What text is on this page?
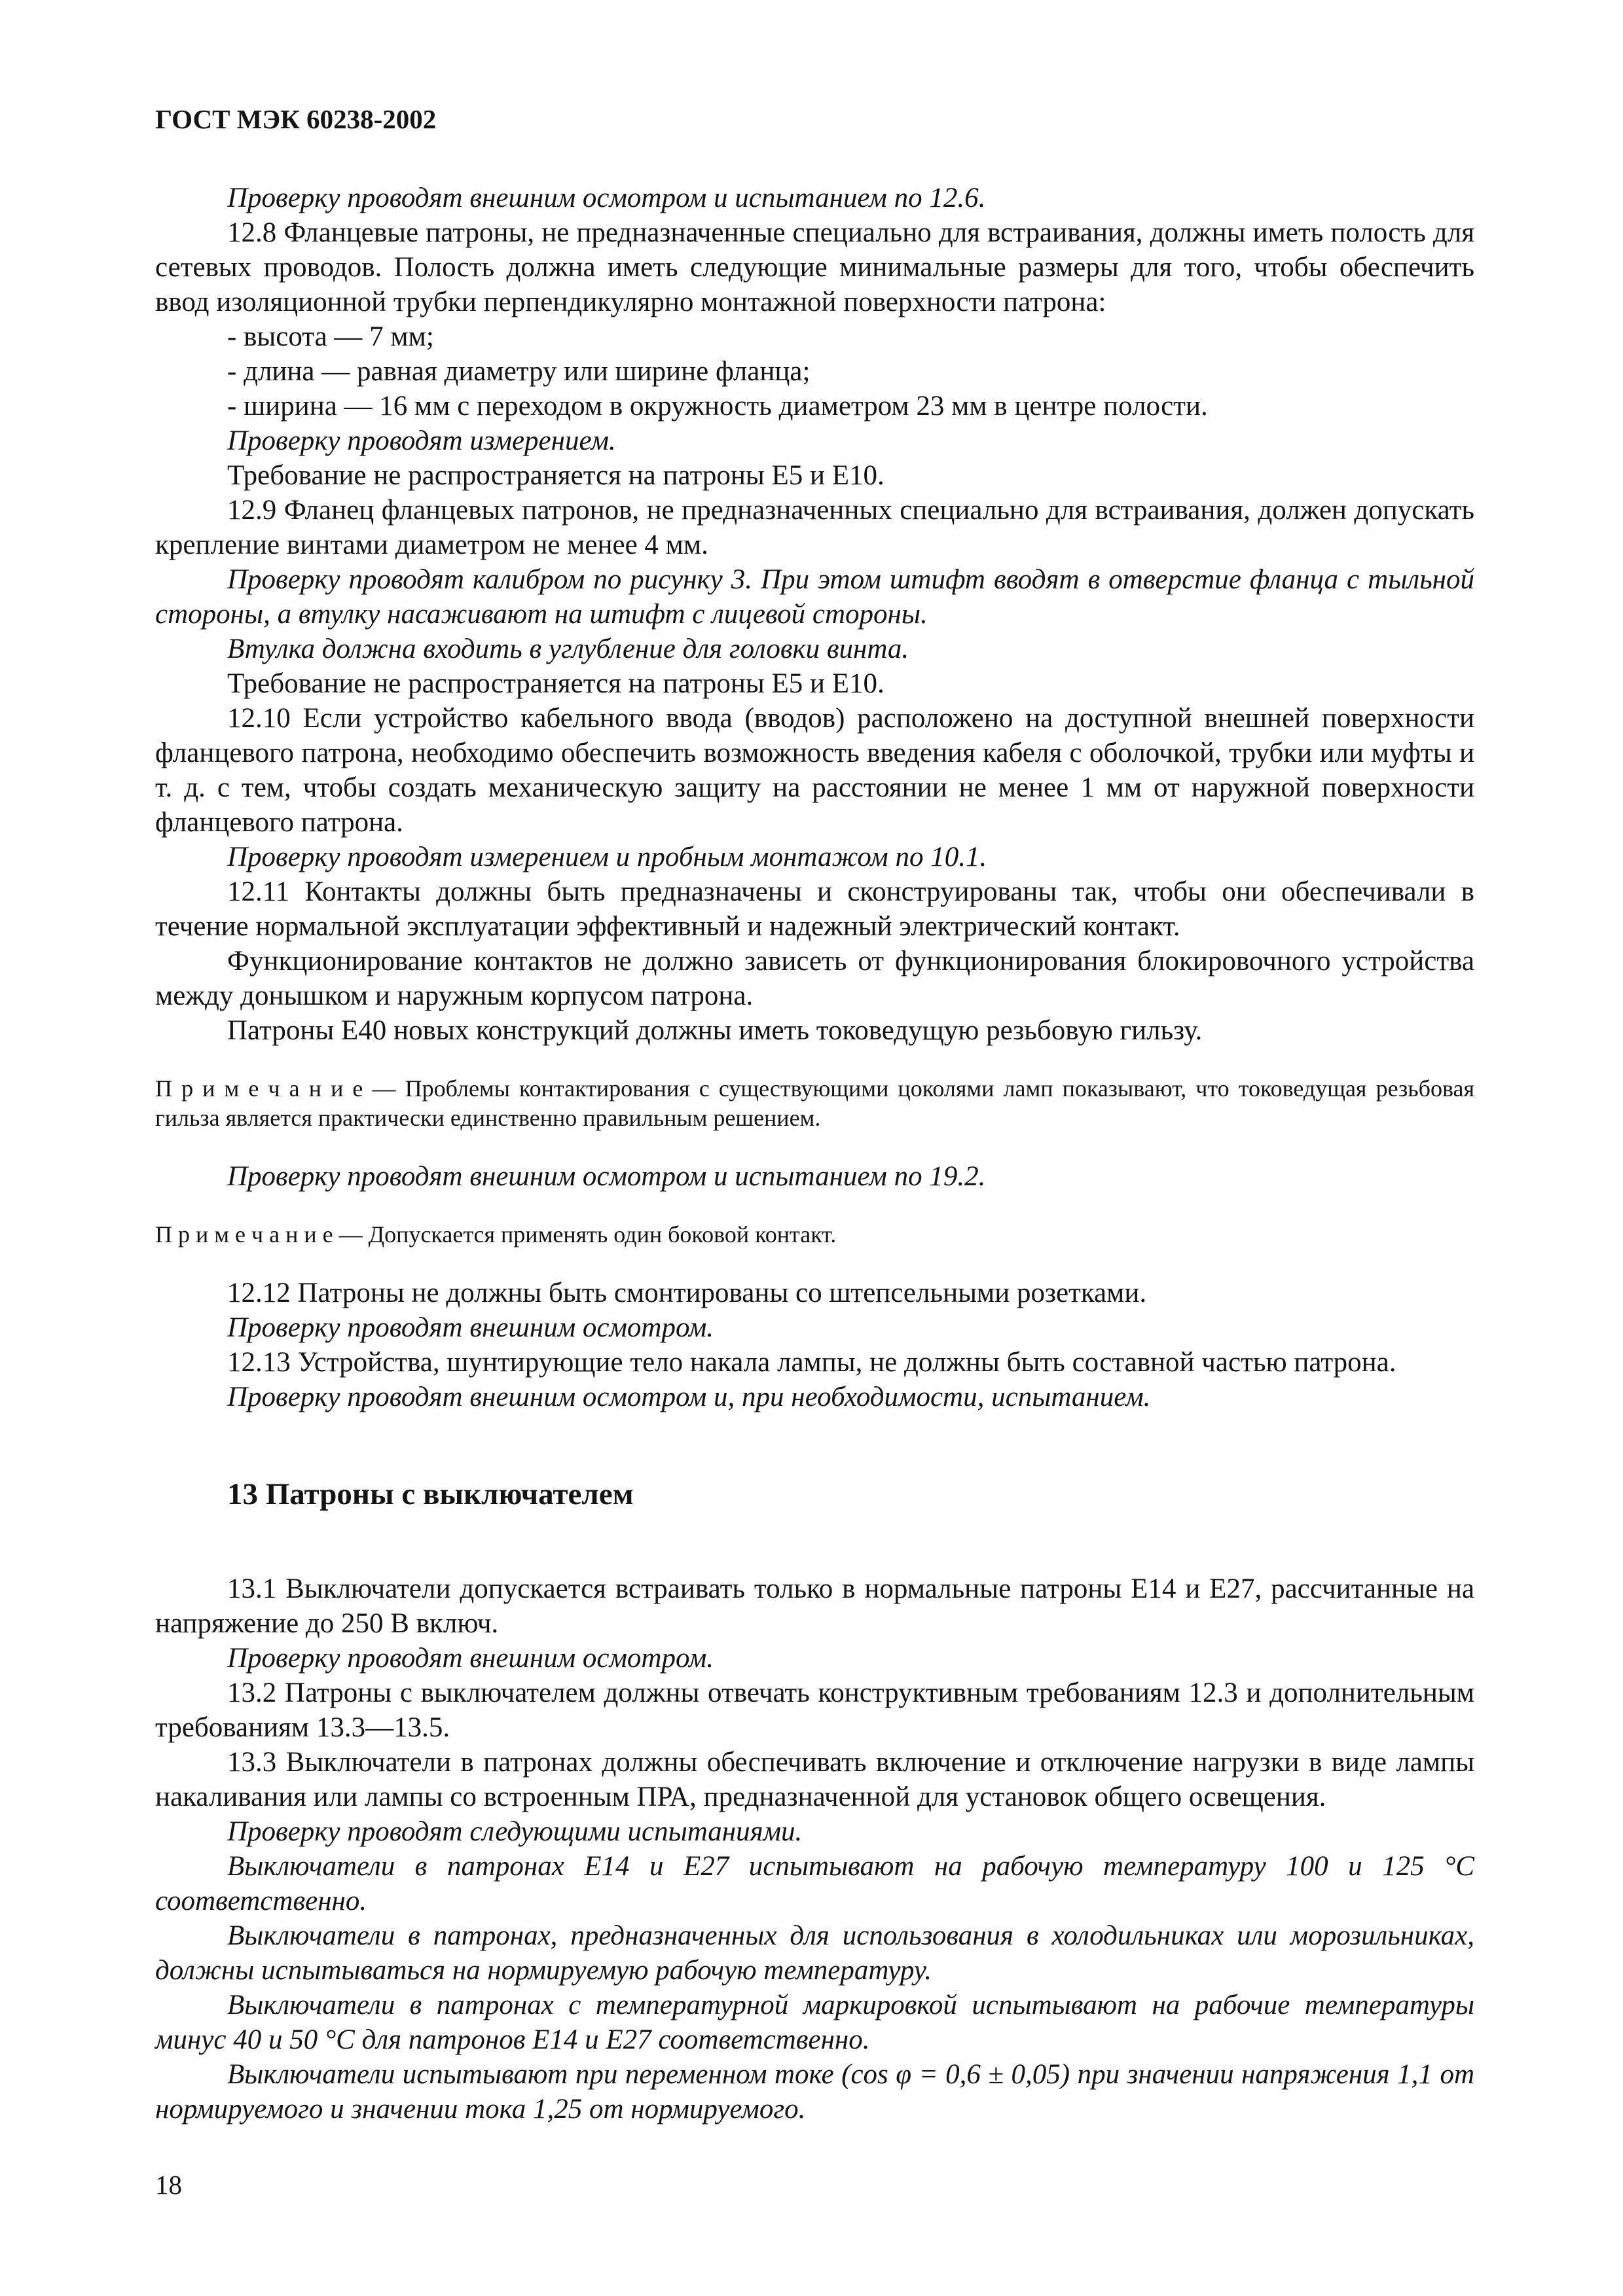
ГОСТ МЭК 60238-2002

Проверку проводят внешним осмотром и испытанием по 12.6.

12.8 Фланцевые патроны, не предназначенные специально для встраивания, должны иметь полость для сетевых проводов. Полость должна иметь следующие минимальные размеры для того, чтобы обеспечить ввод изоляционной трубки перпендикулярно монтажной поверхности патрона:

- высота — 7 мм;

- длина — равная диаметру или ширине фланца;

- ширина — 16 мм с переходом в окружность диаметром 23 мм в центре полости.

Проверку проводят измерением.

Требование не распространяется на патроны Е5 и Е10.

12.9 Фланец фланцевых патронов, не предназначенных специально для встраивания, должен допускать крепление винтами диаметром не менее 4 мм.

Проверку проводят калибром по рисунку 3. При этом штифт вводят в отверстие фланца с тыльной стороны, а втулку насаживают на штифт с лицевой стороны.

Втулка должна входить в углубление для головки винта.

Требование не распространяется на патроны Е5 и Е10.

12.10 Если устройство кабельного ввода (вводов) расположено на доступной внешней поверхности фланцевого патрона, необходимо обеспечить возможность введения кабеля с оболочкой, трубки или муфты и т. д. с тем, чтобы создать механическую защиту на расстоянии не менее 1 мм от наружной поверхности фланцевого патрона.

Проверку проводят измерением и пробным монтажом по 10.1.

12.11 Контакты должны быть предназначены и сконструированы так, чтобы они обеспечивали в течение нормальной эксплуатации эффективный и надежный электрический контакт.

Функционирование контактов не должно зависеть от функционирования блокировочного устройства между донышком и наружным корпусом патрона.

Патроны Е40 новых конструкций должны иметь токоведущую резьбовую гильзу.

П р и м е ч а н и е — Проблемы контактирования с существующими цоколями ламп показывают, что токоведущая резьбовая гильза является практически единственно правильным решением.

Проверку проводят внешним осмотром и испытанием по 19.2.

П р и м е ч а н и е — Допускается применять один боковой контакт.

12.12 Патроны не должны быть смонтированы со штепсельными розетками.

Проверку проводят внешним осмотром.

12.13 Устройства, шунтирующие тело накала лампы, не должны быть составной частью патрона.

Проверку проводят внешним осмотром и, при необходимости, испытанием.

13 Патроны с выключателем

13.1 Выключатели допускается встраивать только в нормальные патроны Е14 и Е27, рассчитанные на напряжение до 250 В включ.

Проверку проводят внешним осмотром.

13.2 Патроны с выключателем должны отвечать конструктивным требованиям 12.3 и дополнительным требованиям 13.3—13.5.

13.3 Выключатели в патронах должны обеспечивать включение и отключение нагрузки в виде лампы накаливания или лампы со встроенным ПРА, предназначенной для установок общего освещения.

Проверку проводят следующими испытаниями.

Выключатели в патронах Е14 и Е27 испытывают на рабочую температуру 100 и 125 °С соответственно.

Выключатели в патронах, предназначенных для использования в холодильниках или морозильниках, должны испытываться на нормируемую рабочую температуру.

Выключатели в патронах с температурной маркировкой испытывают на рабочие температуры минус 40 и 50 °С для патронов Е14 и Е27 соответственно.

Выключатели испытывают при переменном токе (cos φ = 0,6 ± 0,05) при значении напряжения 1,1 от нормируемого и значении тока 1,25 от нормируемого.

18
